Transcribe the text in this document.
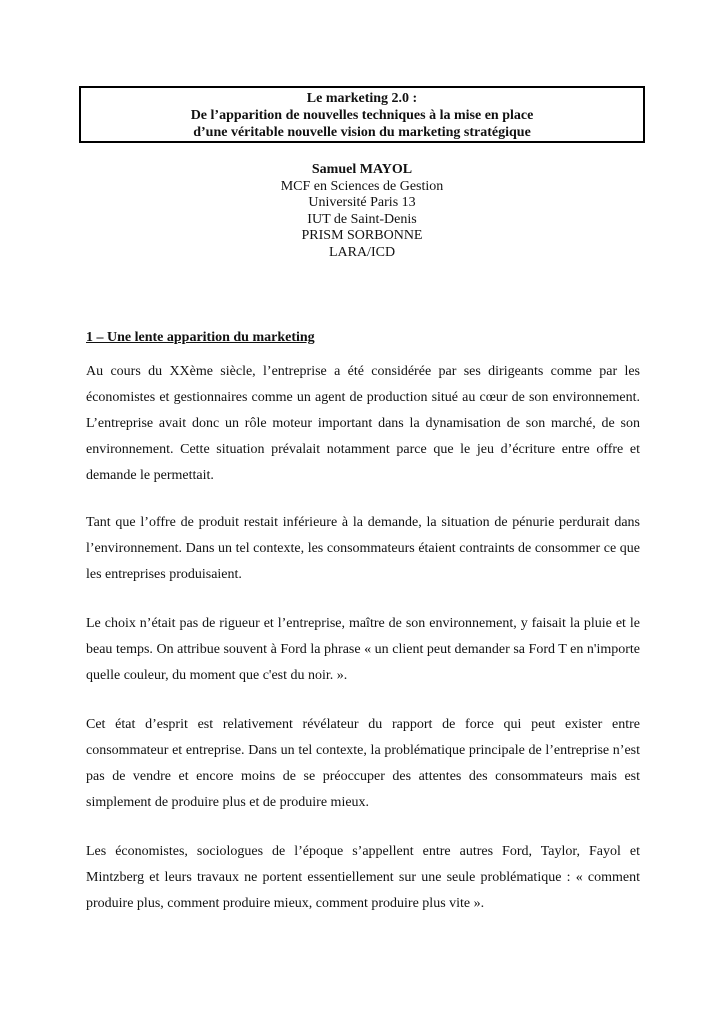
Le marketing 2.0 :
De l’apparition de nouvelles techniques à la mise en place
d’une véritable nouvelle vision du marketing stratégique
Samuel MAYOL
MCF en Sciences de Gestion
Université Paris 13
IUT de Saint-Denis
PRISM SORBONNE
LARA/ICD
1 – Une lente apparition du marketing

Au cours du XXème siècle, l’entreprise a été considérée par ses dirigeants comme par les économistes et gestionnaires comme un agent de production situé au cœur de son environnement. L’entreprise avait donc un rôle moteur important dans la dynamisation de son marché, de son environnement. Cette situation prévalait notamment parce que le jeu d’écriture entre offre et demande le permettait.

Tant que l’offre de produit restait inférieure à la demande, la situation de pénurie perdurait dans l’environnement. Dans un tel contexte, les consommateurs étaient contraints de consommer ce que les entreprises produisaient.

Le choix n’était pas de rigueur et l’entreprise, maître de son environnement, y faisait la pluie et le beau temps. On attribue souvent à Ford la phrase « un client peut demander sa Ford T en n'importe quelle couleur, du moment que c'est du noir. ».

Cet état d’esprit est relativement révélateur du rapport de force qui peut exister entre consommateur et entreprise. Dans un tel contexte, la problématique principale de l’entreprise n’est pas de vendre et encore moins de se préoccuper des attentes des consommateurs mais est simplement de produire plus et de produire mieux.

Les économistes, sociologues de l’époque s’appellent entre autres Ford, Taylor, Fayol et Mintzberg et leurs travaux ne portent essentiellement sur une seule problématique : « comment produire plus, comment produire mieux, comment produire plus vite ».
